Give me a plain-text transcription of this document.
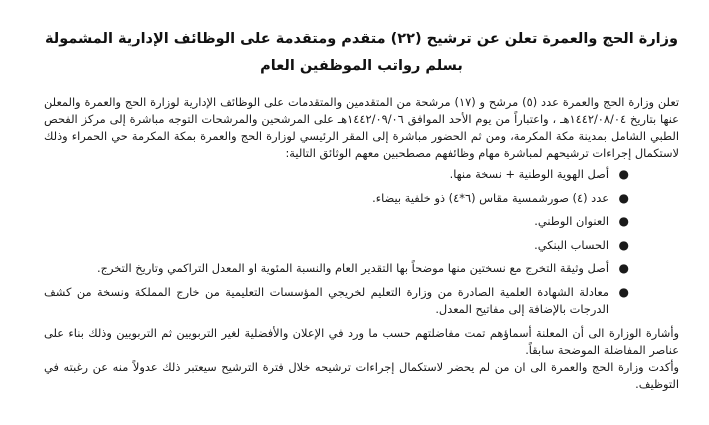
وزارة الحج والعمرة تعلن عن ترشيح (٢٢) متقدم ومتقدمة على الوظائف الإدارية المشمولة
بسلم رواتب الموظفين العام

تعلن وزارة الحج والعمرة عدد (٥) مرشح و (١٧) مرشحة من المتقدمين والمتقدمات على الوظائف الإدارية لوزارة الحج والعمرة والمعلن عنها بتاريخ ١٤٤٢/٠٨/٠٤هـ ، واعتباراً من يوم الأحد الموافق ١٤٤٢/٠٩/٠٦هـ على المرشحين والمرشحات التوجه مباشرة إلى مركز الفحص الطبي الشامل بمدينة مكة المكرمة، ومن ثم الحضور مباشرة إلى المقر الرئيسي لوزارة الحج والعمرة بمكة المكرمة حي الحمراء وذلك لاستكمال إجراءات ترشيحهم لمباشرة مهام وظائفهم مصطحبين معهم الوثائق التالية:

●
أصل الهوية الوطنية + نسخة منها.
●
عدد (٤) صورشمسية مقاس (٦*٤) ذو خلفية بيضاء.
●
العنوان الوطني.
●
الحساب البنكي.
●
أصل وثيقة التخرج مع نسختين منها موضحاً بها التقدير العام والنسبة المئوية او المعدل التراكمي وتاريخ التخرج.
●
معادلة الشهادة العلمية الصادرة من وزارة التعليم لخريجي المؤسسات التعليمية من خارج المملكة ونسخة من كشف الدرجات بالإضافة إلى مفاتيح المعدل.

وأشارة الوزارة الى أن المعلنة أسماؤهم تمت مفاضلتهم حسب ما ورد في الإعلان والأفضلية لغير التربويين ثم التربويين وذلك بناء على عناصر المفاضلة الموضحة سابقاً.

وأكدت وزارة الحج والعمرة الى ان من لم يحضر لاستكمال إجراءات ترشيحه خلال فترة الترشيح سيعتبر ذلك عدولاً منه عن رغبته في التوظيف.
